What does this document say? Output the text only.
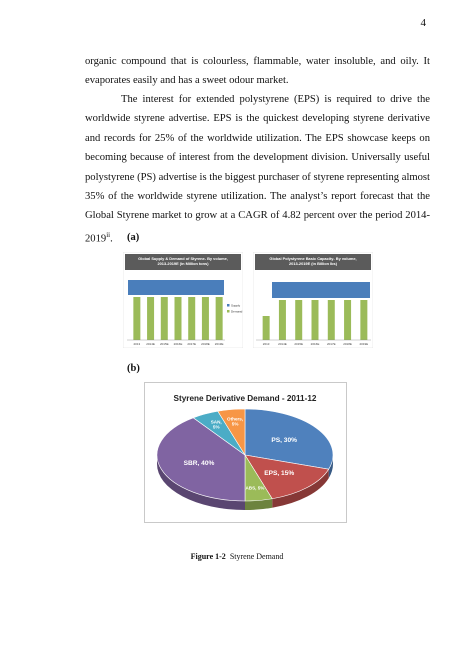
4

organic compound that is colourless, flammable, water insoluble, and oily. It evaporates easily and has a sweet odour market.

The interest for extended polystyrene (EPS) is required to drive the worldwide styrene advertise. EPS is the quickest developing styrene derivative and records for 25% of the worldwide utilization. The EPS showcase keeps on becoming because of interest from the development division. Universally useful polystyrene (PS) advertise is the biggest purchaser of styrene representing almost 35% of the worldwide styrene utilization. The analyst’s report forecast that the Global Styrene market to grow at a CAGR of 4.82 percent over the period 2014-2019$^{ii}$.	(a)
Global Supply & Demand of Styrene- By volume, 2013-2019E (in Million tons)
2013 2014E 2015E 2016E 2017E 2018E 2019E
Supply
Demand
Global Polystyrene Basic Capacity- By volume, 2013-2019E (in Billion lbs)
2013	2014E	2015E	2016E	2017E	2018E	2019E
(b)
Styrene Derivative Demand - 2011-12
PS, 30%
EPS, 15%
ABS, 5%
SBR, 40%
SAN, 5%
Others, 5%
Figure 1-2 Styrene Demand
